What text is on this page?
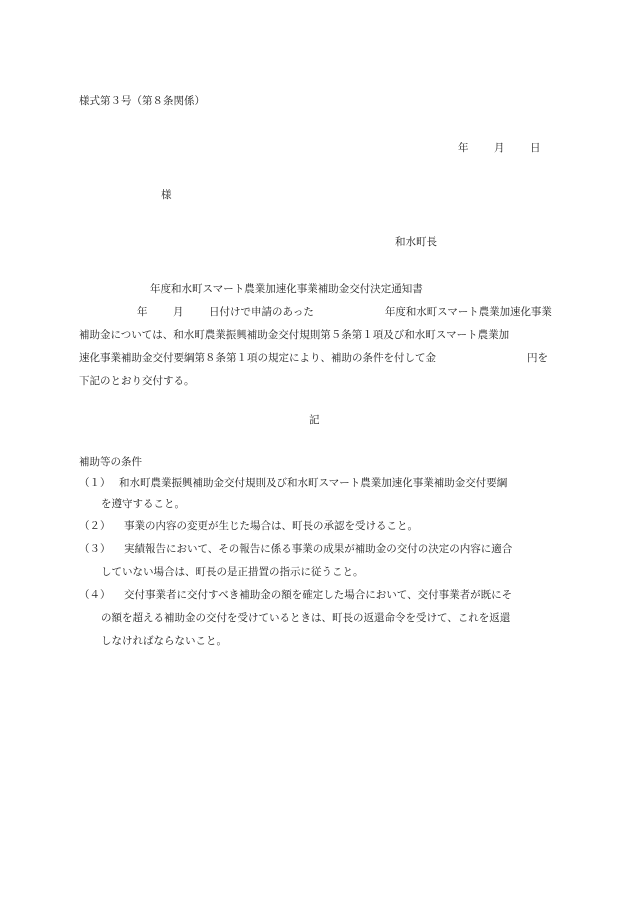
様式第３号（第８条関係）
年 月 日
様
和水町長
年度和水町スマート農業加速化事業補助金交付決定通知書
年 月 日付けで申請のあった	年度和水町スマート農業加速化事業
補助金については、和水町農業振興補助金交付規則第５条第１項及び和水町スマート農業加
速化事業補助金交付要綱第８条第１項の規定により、補助の条件を付して金	円を
下記のとおり交付する。
記
補助等の条件
（１） 和水町農業振興補助金交付規則及び和水町スマート農業加速化事業補助金交付要綱
を遵守すること。
（２） 事業の内容の変更が生じた場合は、町長の承認を受けること。
（３） 実績報告において、その報告に係る事業の成果が補助金の交付の決定の内容に適合
していない場合は、町長の是正措置の指示に従うこと。
（４） 交付事業者に交付すべき補助金の額を確定した場合において、交付事業者が既にそ
の額を超える補助金の交付を受けているときは、町長の返還命令を受けて、これを返還
しなければならないこと。
